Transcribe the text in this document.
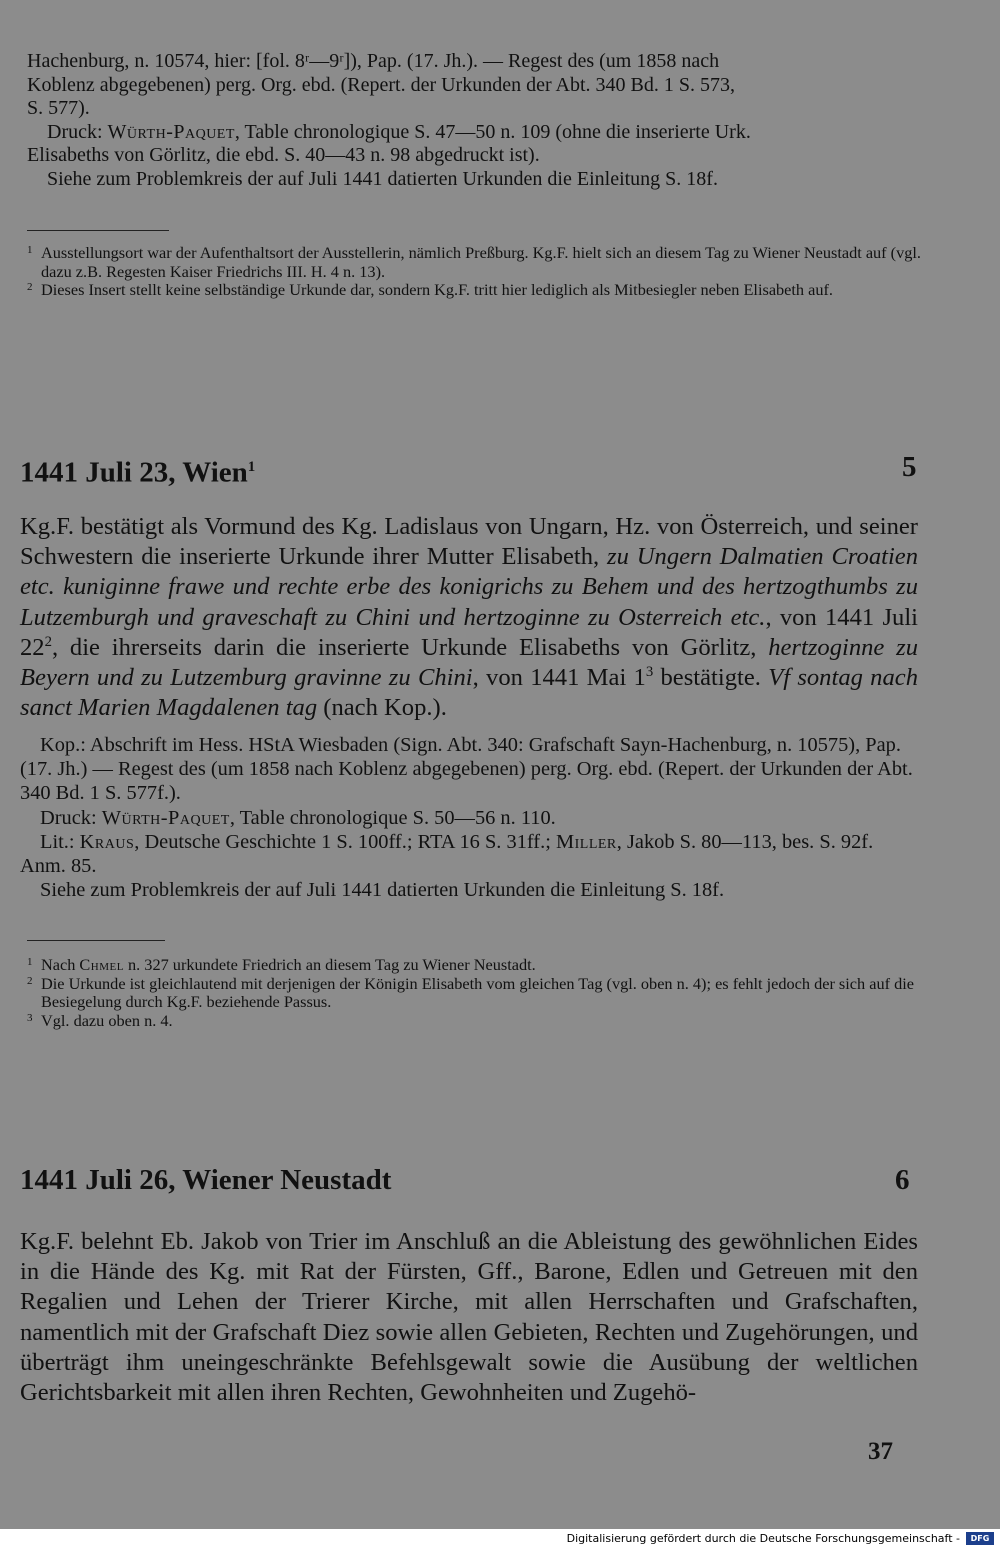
Hachenburg, n. 10574, hier: [fol. 8ʳ—9ʳ]), Pap. (17. Jh.). — Regest des (um 1858 nach

Koblenz abgegebenen) perg. Org. ebd. (Repert. der Urkunden der Abt. 340 Bd. 1 S. 573,

S. 577).

Druck: Würth-Paquet, Table chronologique S. 47—50 n. 109 (ohne die inserierte Urk.

Elisabeths von Görlitz, die ebd. S. 40—43 n. 98 abgedruckt ist).

Siehe zum Problemkreis der auf Juli 1441 datierten Urkunden die Einleitung S. 18f.

1 Ausstellungsort war der Aufenthaltsort der Ausstellerin, nämlich Preßburg. Kg.F. hielt sich an diesem Tag zu Wiener Neustadt auf (vgl. dazu z.B. Regesten Kaiser Friedrichs III. H. 4 n. 13).
2 Dieses Insert stellt keine selbständige Urkunde dar, sondern Kg.F. tritt hier lediglich als Mitbesiegler neben Elisabeth auf.
1441 Juli 23, Wien$^1$	5

Kg.F. bestätigt als Vormund des Kg. Ladislaus von Ungarn, Hz. von Österreich, und seiner Schwestern die inserierte Urkunde ihrer Mutter Elisabeth, zu Ungern Dalmatien Croatien etc. kuniginne frawe und rechte erbe des konigrichs zu Behem und des hertzogthumbs zu Lutzemburgh und graveschaft zu Chini und hertzoginne zu Osterreich etc., von 1441 Juli $22^2$, die ihrerseits darin die inserierte Urkunde Elisabeths von Görlitz, hertzoginne zu Beyern und zu Lutzemburg gravinne zu Chini, von 1441 Mai $1^3$ bestätigte. Vf sontag nach sanct Marien Magdalenen tag (nach Kop.).

Kop.: Abschrift im Hess. HStA Wiesbaden (Sign. Abt. 340: Grafschaft Sayn-Hachenburg, n. 10575), Pap. (17. Jh.) — Regest des (um 1858 nach Koblenz abgegebenen) perg. Org. ebd. (Repert. der Urkunden der Abt. 340 Bd. 1 S. 577f.).

Druck: Würth-Paquet, Table chronologique S. 50—56 n. 110.

Lit.: Kraus, Deutsche Geschichte 1 S. 100ff.; RTA 16 S. 31ff.; Miller, Jakob S. 80—113, bes. S. 92f. Anm. 85.

Siehe zum Problemkreis der auf Juli 1441 datierten Urkunden die Einleitung S. 18f.

1 Nach Chmel n. 327 urkundete Friedrich an diesem Tag zu Wiener Neustadt.
2 Die Urkunde ist gleichlautend mit derjenigen der Königin Elisabeth vom gleichen Tag (vgl. oben n. 4); es fehlt jedoch der sich auf die Besiegelung durch Kg.F. beziehende Passus.
3 Vgl. dazu oben n. 4.
1441 Juli 26, Wiener Neustadt	6

Kg.F. belehnt Eb. Jakob von Trier im Anschluß an die Ableistung des gewöhnlichen Eides in die Hände des Kg. mit Rat der Fürsten, Gff., Barone, Edlen und Getreuen mit den Regalien und Lehen der Trierer Kirche, mit allen Herrschaften und Grafschaften, namentlich mit der Grafschaft Diez sowie allen Gebieten, Rechten und Zugehörungen, und überträgt ihm uneingeschränkte Befehlsgewalt sowie die Ausübung der weltlichen Gerichtsbarkeit mit allen ihren Rechten, Gewohnheiten und Zugehö-

37
Digitalisierung gefördert durch die Deutsche Forschungsgemeinschaft -	DFG
